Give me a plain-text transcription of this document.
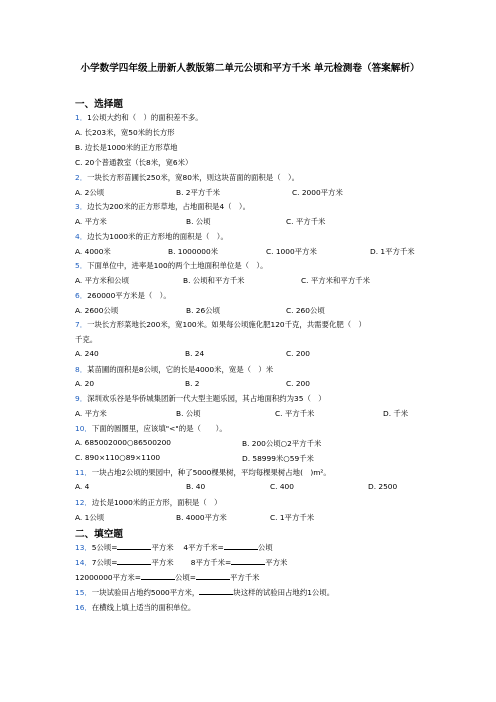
小学数学四年级上册新人教版第二单元公顷和平方千米 单元检测卷（答案解析）
一、选择题
1．1公顷大约和（　）的面积差不多。
A. 长203米，宽50米的长方形
B. 边长是1000米的正方形草地
C. 20个普通教室（长8米，宽6米）
2．一块长方形苗圃长250米，宽80米，则这块苗面的面积是（　）。
A. 2公顷	B. 2平方千米	C. 2000平方米
3．边长为200米的正方形草地，占地面积是4（　）。
A. 平方米	B. 公顷	C. 平方千米
4．边长为1000米的正方形地的面积是（　）。
A. 4000米	B. 1000000米	C. 1000平方米	D. 1平方千米
5．下面单位中，进率是100的两个土地面积单位是（　）。
A. 平方米和公顷	B. 公顷和平方千米	C. 平方米和平方千米
6．260000平方米是（　）。
A. 2600公顷	B. 26公顷	C. 260公顷
7．一块长方形菜地长200米，宽100米。如果每公顷施化肥120千克，共需要化肥（　）
千克。
A. 240	B. 24	C. 200
8．某苗圃的面积是8公顷，它的长是4000米，宽是（　）米
A. 20	B. 2	C. 200
9．深圳欢乐谷是华侨城集团新一代大型主题乐园，其占地面积约为35（　）
A. 平方米	B. 公顷	C. 平方千米	D. 千米
10．下面的圆圈里，应该填"<"的是（　　）。
A. 685002000○86500200	B. 200公顷○2平方千米
C. 890×110○89×1100	D. 58999米○59千米
11．一块占地2公顷的果园中，种了5000棵果树，平均每棵果树占地(　)m²。
A. 4	B. 40	C. 400	D. 2500
12．边长是1000米的正方形，面积是（　）
A. 1公顷	B. 4000平方米	C. 1平方千米
二、填空题
13．5公顷=	平方米　 4平方千米=	公顷
14．7公顷=	平方米　　 8平方千米=	平方米
12000000平方米=	公顷=	平方千米
15．一块试验田占地约5000平方米，	块这样的试验田占地约1公顷。
16．在横线上填上适当的面积单位。
